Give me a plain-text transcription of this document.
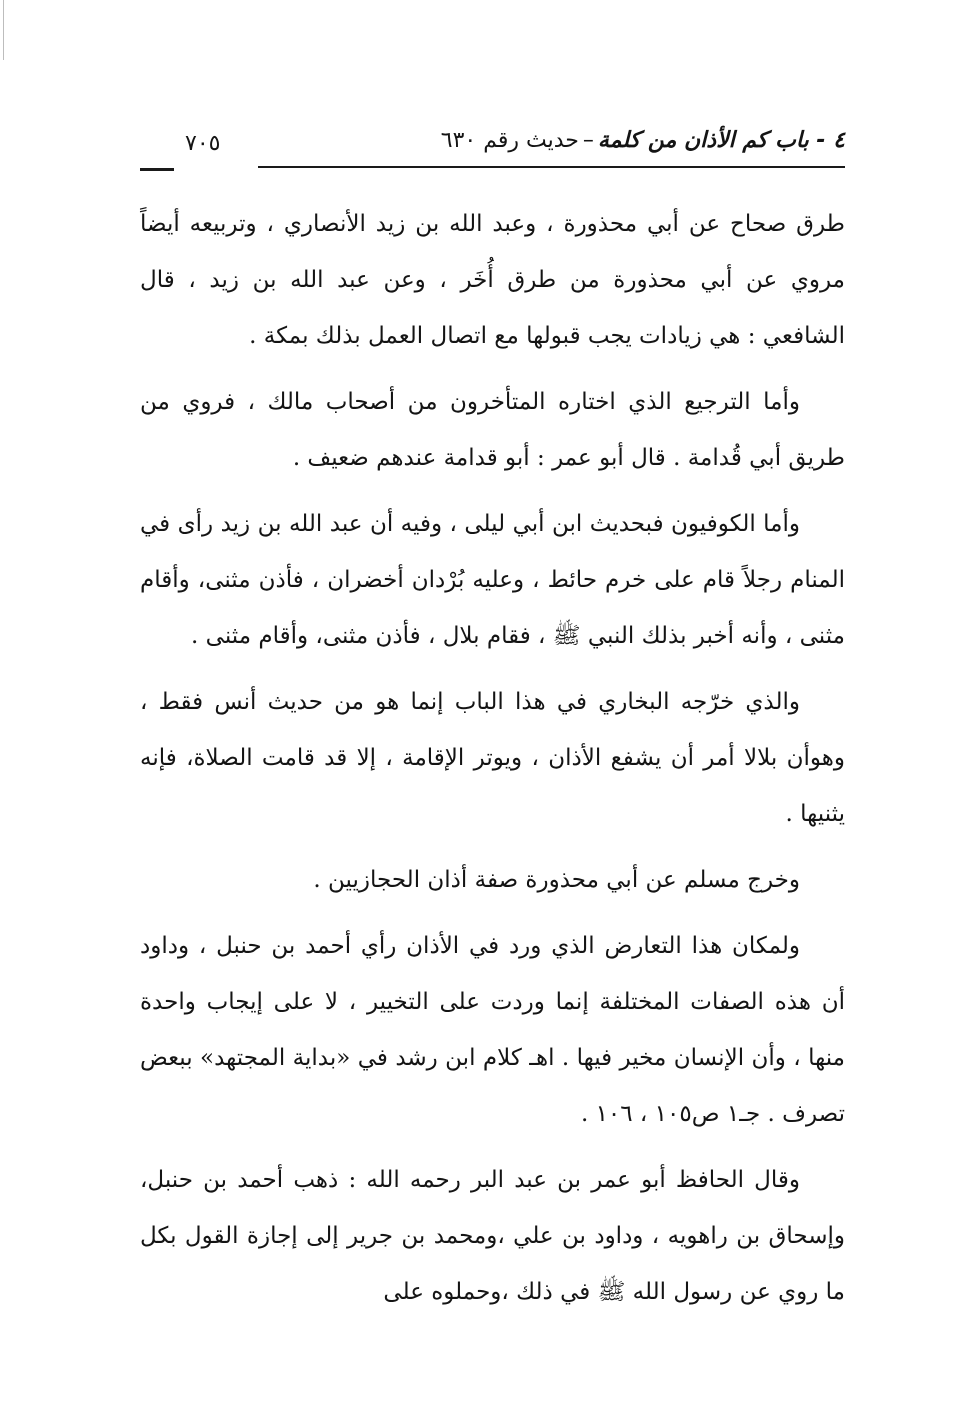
٤ - باب كم الأذان من كلمة–حديث رقم ٦٣٠
٧٠٥

طرق صحاح عن أبي محذورة ، وعبد الله بن زيد الأنصاري ، وتربيعه أيضاً مروي عن أبي محذورة من طرق أُخَر ، وعن عبد الله بن زيد ، قال الشافعي : هي زيادات يجب قبولها مع اتصال العمل بذلك بمكة .

وأما الترجيع الذي اختاره المتأخرون من أصحاب مالك ، فروي من طريق أبي قُدامة . قال أبو عمر : أبو قدامة عندهم ضعيف .

وأما الكوفيون فبحديث ابن أبي ليلى ، وفيه أن عبد الله بن زيد رأى في المنام رجلاً قام على خرم حائط ، وعليه بُرْدان أخضران ، فأذن مثنى، وأقام مثنى ، وأنه أخبر بذلك النبي ﷺ ، فقام بلال ، فأذن مثنى، وأقام مثنى .

والذي خرّجه البخاري في هذا الباب إنما هو من حديث أنس فقط ، وهوأن بلالا أمر أن يشفع الأذان ، ويوتر الإقامة ، إلا قد قامت الصلاة، فإنه يثنيها .

وخرج مسلم عن أبي محذورة صفة أذان الحجازيين .

ولمكان هذا التعارض الذي ورد في الأذان رأي أحمد بن حنبل ، وداود أن هذه الصفات المختلفة إنما وردت على التخيير ، لا على إيجاب واحدة منها ، وأن الإنسان مخير فيها . اهـ كلام ابن رشد في «بداية المجتهد» ببعض تصرف . جـ١ ص١٠٥ ، ١٠٦ .

وقال الحافظ أبو عمر بن عبد البر رحمه الله : ذهب أحمد بن حنبل، وإسحاق بن راهويه ، وداود بن علي ،ومحمد بن جرير إلى إجازة القول بكل ما روي عن رسول الله ﷺ في ذلك ،وحملوه على
